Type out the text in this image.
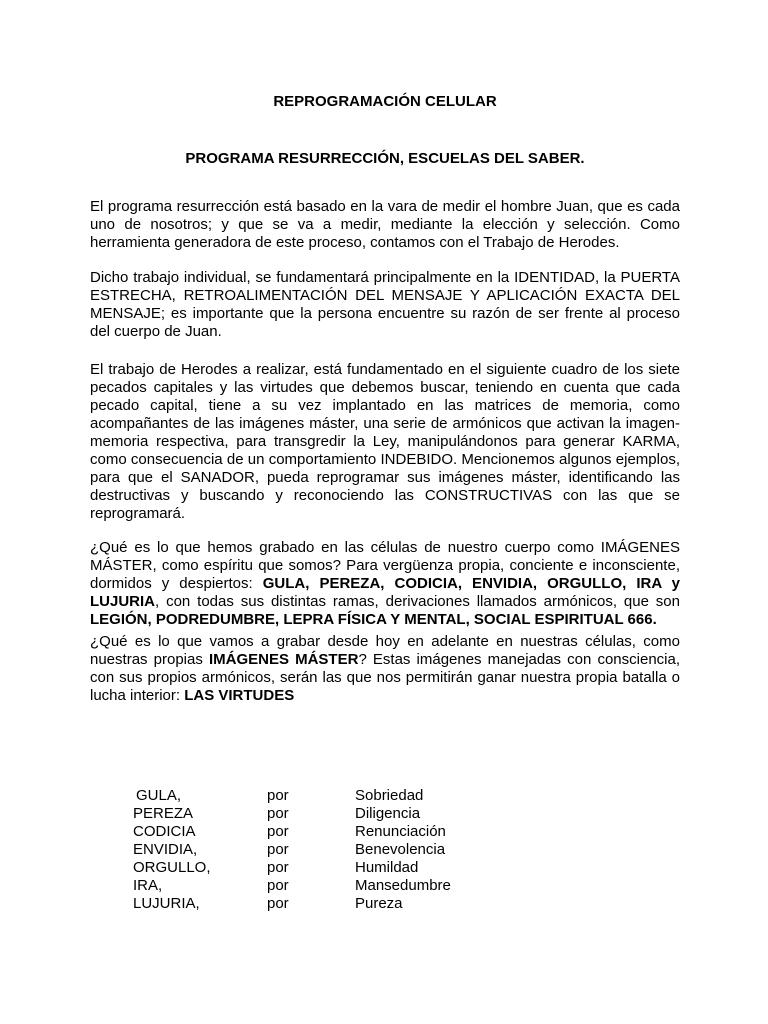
REPROGRAMACIÓN CELULAR
PROGRAMA RESURRECCIÓN, ESCUELAS DEL SABER.

El programa resurrección está basado en la vara de medir el hombre Juan, que es cada uno de nosotros; y que se va a medir, mediante la elección y selección. Como herramienta generadora de este proceso, contamos con el Trabajo de Herodes.

Dicho trabajo individual, se fundamentará principalmente en la IDENTIDAD, la PUERTA ESTRECHA, RETROALIMENTACIÓN DEL MENSAJE Y APLICACIÓN EXACTA DEL MENSAJE; es importante que la persona encuentre su razón de ser frente al proceso del cuerpo de Juan.

El trabajo de Herodes a realizar, está fundamentado en el siguiente cuadro de los siete pecados capitales y las virtudes que debemos buscar, teniendo en cuenta que cada pecado capital, tiene a su vez implantado en las matrices de memoria, como acompañantes de las imágenes máster, una serie de armónicos que activan la imagen-memoria respectiva, para transgredir la Ley, manipulándonos para generar KARMA, como consecuencia de un comportamiento INDEBIDO. Mencionemos algunos ejemplos, para que el SANADOR, pueda reprogramar sus imágenes máster, identificando las destructivas y buscando y reconociendo las CONSTRUCTIVAS con las que se reprogramará.

¿Qué es lo que hemos grabado en las células de nuestro cuerpo como IMÁGENES MÁSTER, como espíritu que somos? Para vergüenza propia, conciente e inconsciente, dormidos y despiertos: GULA, PEREZA, CODICIA, ENVIDIA, ORGULLO, IRA y LUJURIA, con todas sus distintas ramas, derivaciones llamados armónicos, que son LEGIÓN, PODREDUMBRE, LEPRA FÍSICA Y MENTAL, SOCIAL ESPIRITUAL 666.

¿Qué es lo que vamos a grabar desde hoy en adelante en nuestras células, como nuestras propias IMÁGENES MÁSTER? Estas imágenes manejadas con consciencia, con sus propios armónicos, serán las que nos permitirán ganar nuestra propia batalla o lucha interior: LAS VIRTUDES

GULA,	por	Sobriedad
PEREZA	por	Diligencia
CODICIA	por	Renunciación
ENVIDIA,	por	Benevolencia
ORGULLO,	por	Humildad
IRA,	por	Mansedumbre
LUJURIA,	por	Pureza
